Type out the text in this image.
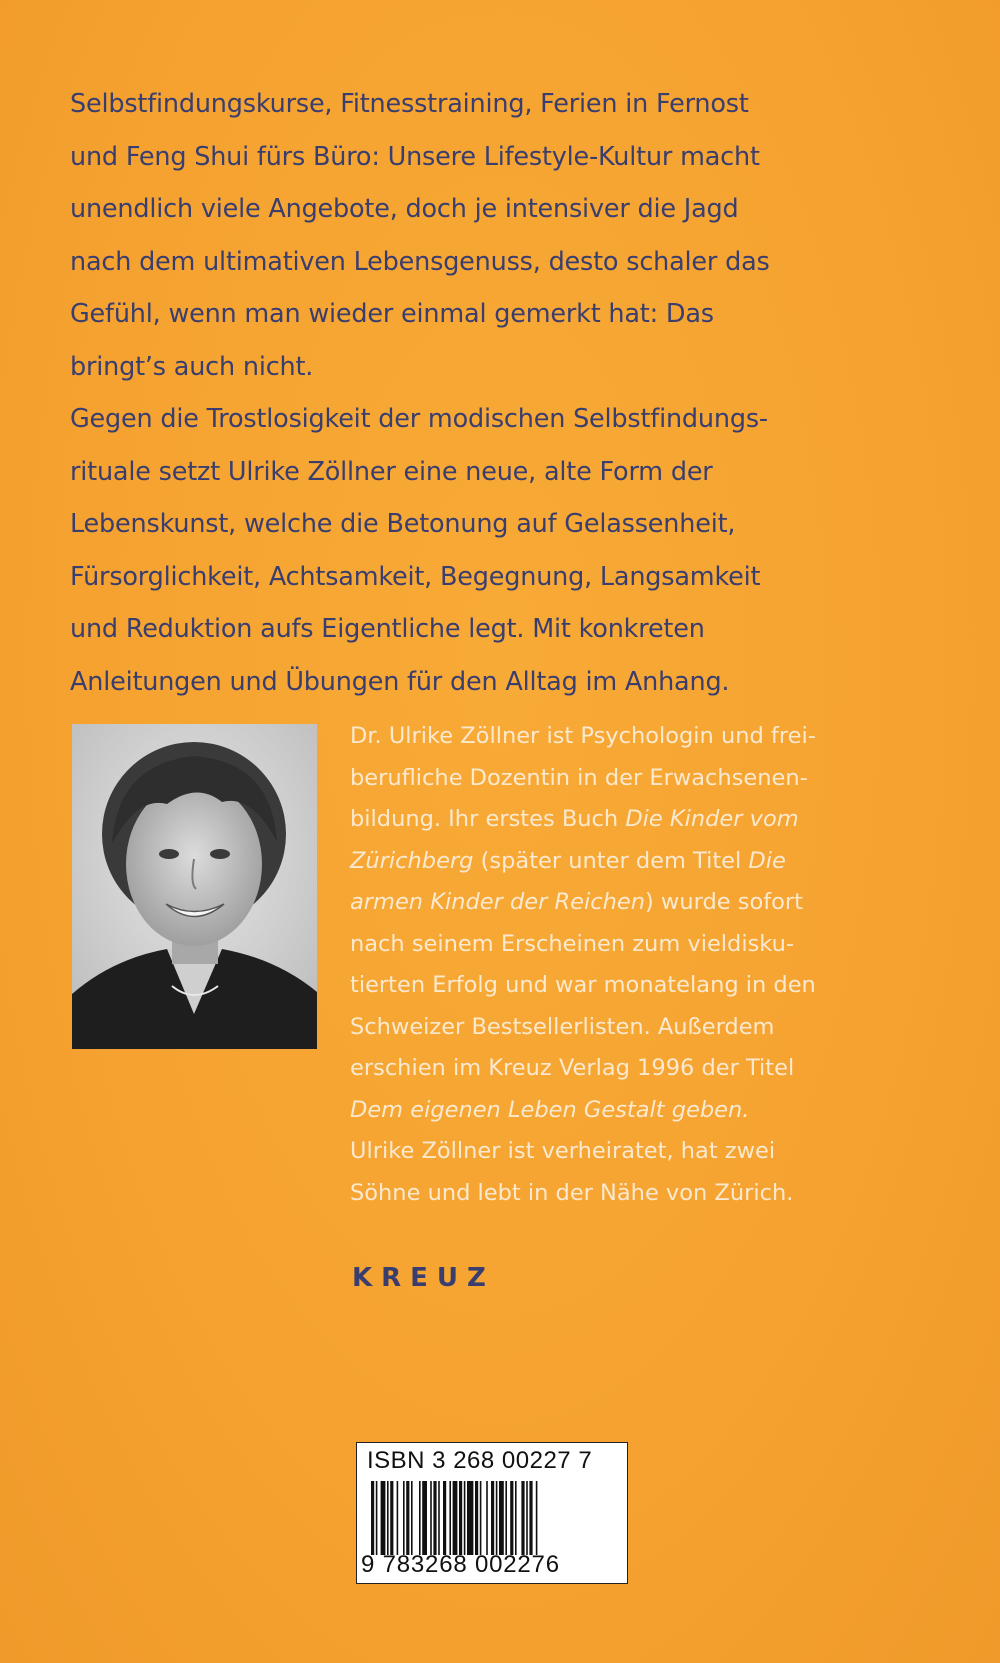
Selbstfindungskurse, Fitnesstraining, Ferien in Fernost
und Feng Shui fürs Büro: Unsere Lifestyle-Kultur macht
unendlich viele Angebote, doch je intensiver die Jagd
nach dem ultimativen Lebensgenuss, desto schaler das
Gefühl, wenn man wieder einmal gemerkt hat: Das
bringt’s auch nicht.

Gegen die Trostlosigkeit der modischen Selbstfindungs-
rituale setzt Ulrike Zöllner eine neue, alte Form der
Lebenskunst, welche die Betonung auf Gelassenheit,
Fürsorglichkeit, Achtsamkeit, Begegnung, Langsamkeit
und Reduktion aufs Eigentliche legt. Mit konkreten
Anleitungen und Übungen für den Alltag im Anhang.

Dr. Ulrike Zöllner ist Psychologin und frei-
berufliche Dozentin in der Erwachsenen-
bildung. Ihr erstes Buch Die Kinder vom
Zürichberg (später unter dem Titel Die
armen Kinder der Reichen) wurde sofort
nach seinem Erscheinen zum vieldisku-
tierten Erfolg und war monatelang in den
Schweizer Bestsellerlisten. Außerdem
erschien im Kreuz Verlag 1996 der Titel
Dem eigenen Leben Gestalt geben.
Ulrike Zöllner ist verheiratet, hat zwei
Söhne und lebt in der Nähe von Zürich.
KREUZ
ISBN 3 268 00227 7
9 783268 002276
